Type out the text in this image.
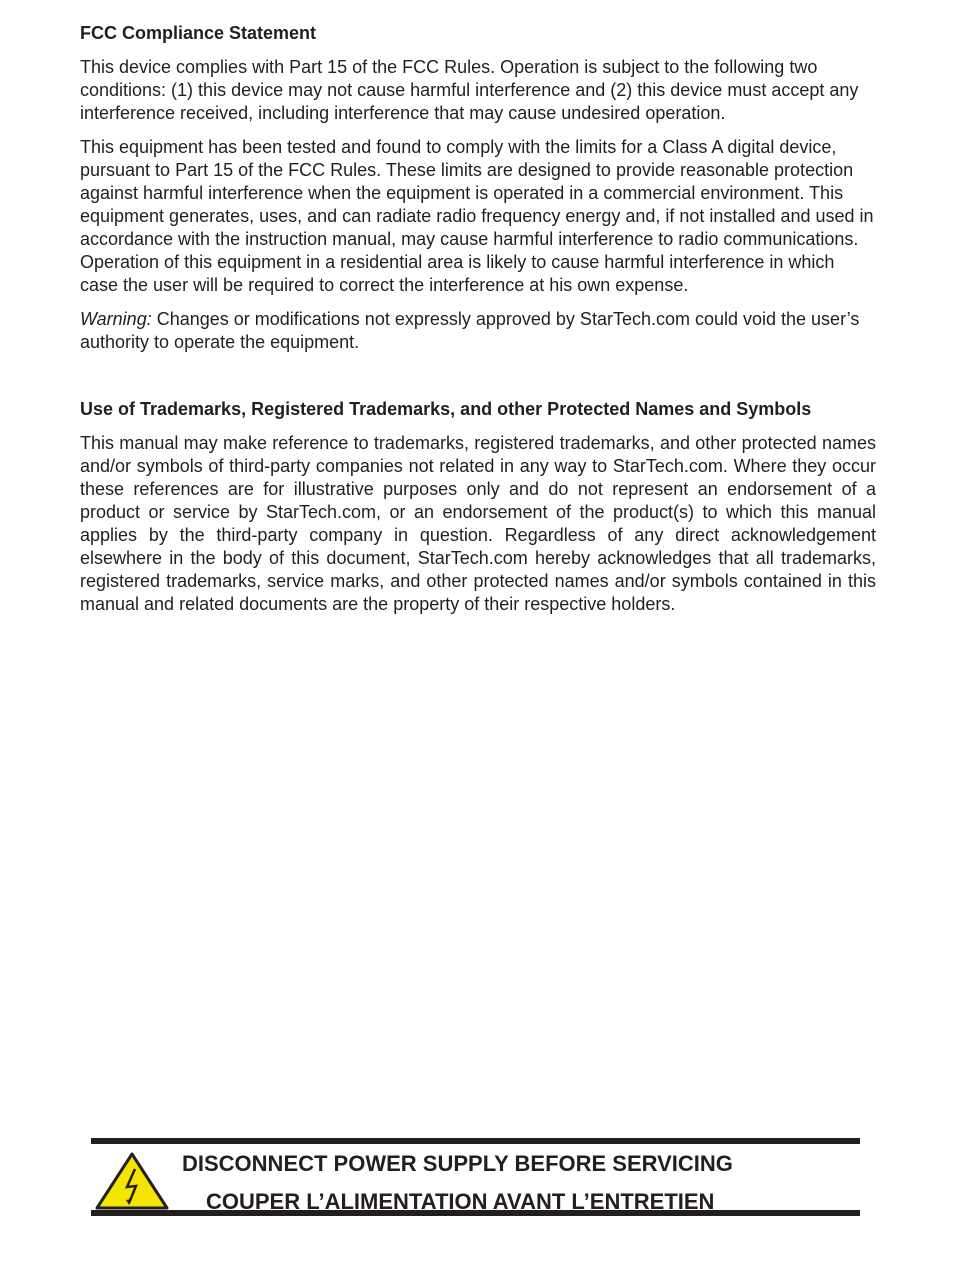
FCC Compliance Statement

This device complies with Part 15 of the FCC Rules. Operation is subject to the following two conditions: (1) this device may not cause harmful interference and (2) this device must accept any interference received, including interference that may cause undesired operation.

This equipment has been tested and found to comply with the limits for a Class A digital device, pursuant to Part 15 of the FCC Rules. These limits are designed to provide reasonable protection against harmful interference when the equipment is operated in a commercial environment. This equipment generates, uses, and can radiate radio frequency energy and, if not installed and used in accordance with the instruction manual, may cause harmful interference to radio communications. Operation of this equipment in a residential area is likely to cause harmful interference in which case the user will be required to correct the interference at his own expense.

Warning: Changes or modifications not expressly approved by StarTech.com could void the user’s authority to operate the equipment.

Use of Trademarks, Registered Trademarks, and other Protected Names and Symbols

This manual may make reference to trademarks, registered trademarks, and other protected names and/or symbols of third-party companies not related in any way to StarTech.com. Where they occur these references are for illustrative purposes only and do not represent an endorsement of a product or service by StarTech.com, or an endorsement of the product(s) to which this manual applies by the third-party company in question. Regardless of any direct acknowledgement elsewhere in the body of this document, StarTech.com hereby acknowledges that all trademarks, registered trademarks, service marks, and other protected names and/or symbols contained in this manual and related documents are the property of their respective holders.

DISCONNECT POWER SUPPLY BEFORE SERVICING
COUPER L’ALIMENTATION AVANT L’ENTRETIEN
